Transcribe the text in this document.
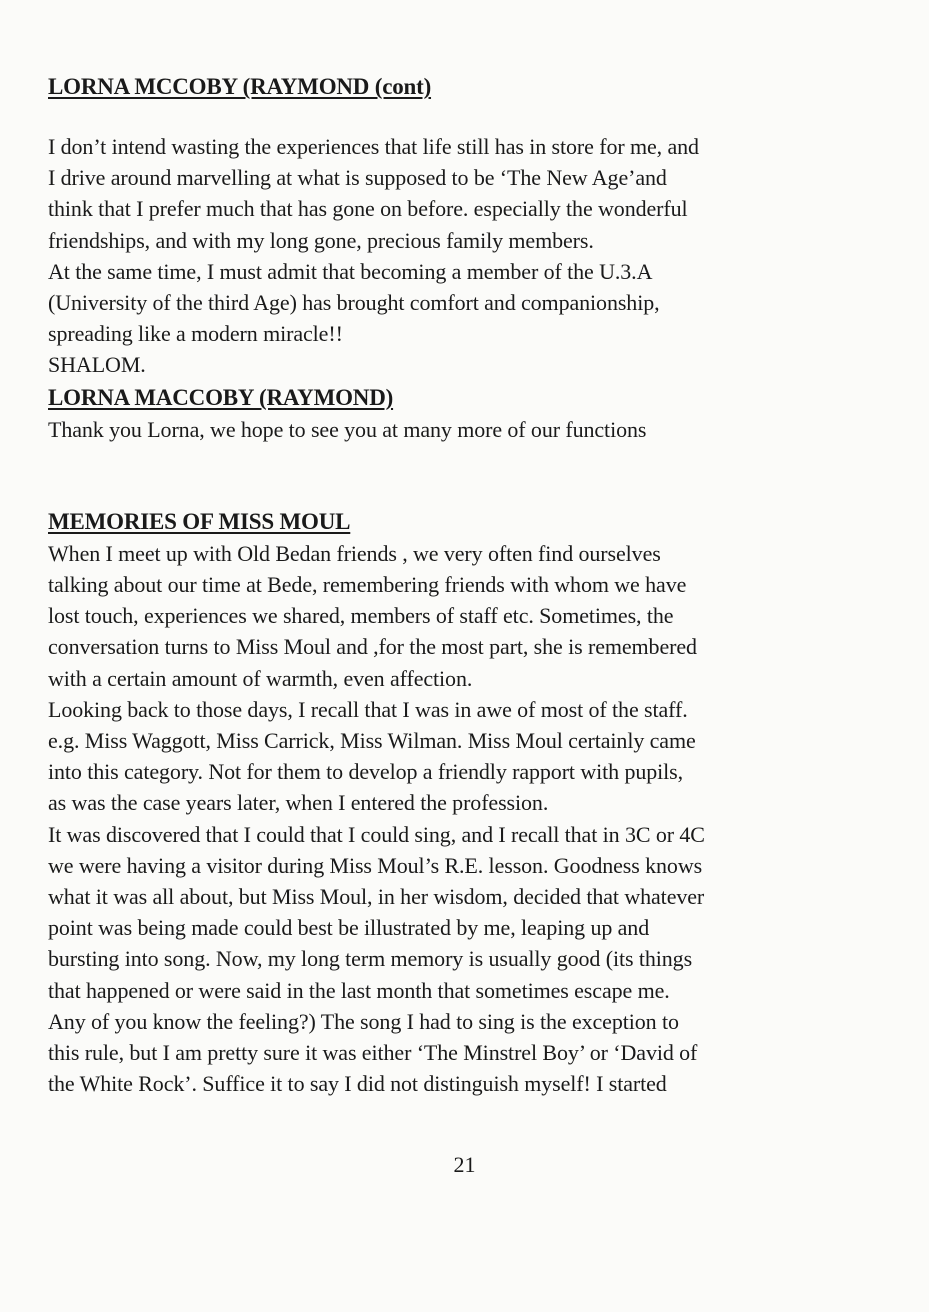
LORNA MCCOBY (RAYMOND (cont)

I don’t intend wasting the experiences that life still has in store for me, and
I drive around marvelling at what is supposed to be ‘The New Age’and
think that I prefer much that has gone on before. especially the wonderful
friendships, and with my long gone, precious family members.
At the same time, I must admit that becoming a member of the U.3.A
(University of the third Age) has brought comfort and companionship,
spreading like a modern miracle!!
SHALOM.

LORNA MACCOBY (RAYMOND)

Thank you Lorna, we hope to see you at many more of our functions

MEMORIES OF MISS MOUL

When I meet up with Old Bedan friends , we very often find ourselves
talking about our time at Bede, remembering friends with whom we have
lost touch, experiences we shared, members of staff etc. Sometimes, the
conversation turns to Miss Moul and ,for the most part, she is remembered
with a certain amount of warmth, even affection.
Looking back to those days, I recall that I was in awe of most of the staff.
e.g. Miss Waggott, Miss Carrick, Miss Wilman. Miss Moul certainly came
into this category. Not for them to develop a friendly rapport with pupils,
as was the case years later, when I entered the profession.
It was discovered that I could that I could sing, and I recall that in 3C or 4C
we were having a visitor during Miss Moul’s R.E. lesson. Goodness knows
what it was all about, but Miss Moul, in her wisdom, decided that whatever
point was being made could best be illustrated by me, leaping up and
bursting into song. Now, my long term memory is usually good (its things
that happened or were said in the last month that sometimes escape me.
Any of you know the feeling?) The song I had to sing is the exception to
this rule, but I am pretty sure it was either ‘The Minstrel Boy’ or ‘David of
the White Rock’. Suffice it to say I did not distinguish myself! I started

21
